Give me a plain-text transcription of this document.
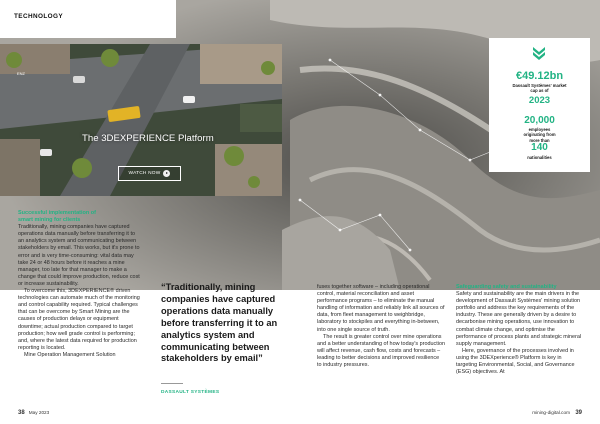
TECHNOLOGY
ENZ
The 3DEXPERIENCE Platform
WATCH NOW
€49.12bn
Dassault Systèmes' market cap as of
2023
20,000
employees originating from more than
140
nationalities
Successful implementation of smart mining for clients

Traditionally, mining companies have captured operations data manually before transferring it to an analytics system and communicating between stakeholders by email. This works, but it's prone to error and is very time-consuming: vital data may take 24 or 48 hours before it reaches a mine manager, too late for that manager to make a change that could improve production, reduce cost or increase sustainability.

To overcome this, 3DEXPERIENCE® driven technologies can automate much of the monitoring and control capability required. Typical challenges that can be overcome by Smart Mining are the causes of production delays or equipment downtime; actual production compared to target production; how well grade control is performing; and, where the latest data required for production reporting is located.

Mine Operation Management Solution

“Traditionally, mining companies have captured operations data manually before transferring it to an analytics system and communicating between stakeholders by email”
DASSAULT SYSTÈMES

fuses together software – including operational control, material reconciliation and asset performance programs – to eliminate the manual handling of information and reliably link all sources of data, from fleet management to weighbridge, laboratory to stockpiles and everything in-between, into one single source of truth.

The result is greater control over mine operations and a better understanding of how today's production will affect revenue, cash flow, costs and forecasts – leading to better decisions and improved resilience to industry pressures.

Safeguarding safety and sustainability

Safety and sustainability are the main drivers in the development of Dassault Systèmes' mining solution portfolio and address the key requirements of the industry. These are generally driven by a desire to decarbonise mining operations, use innovation to combat climate change, and optimise the performance of process plants and strategic mineral supply management.

Here, governance of the processes involved in using the 3DEXperience® Platform is key in targeting Environmental, Social, and Governance (ESG) objectives. At

38 May 2023	mining-digital.com 39
